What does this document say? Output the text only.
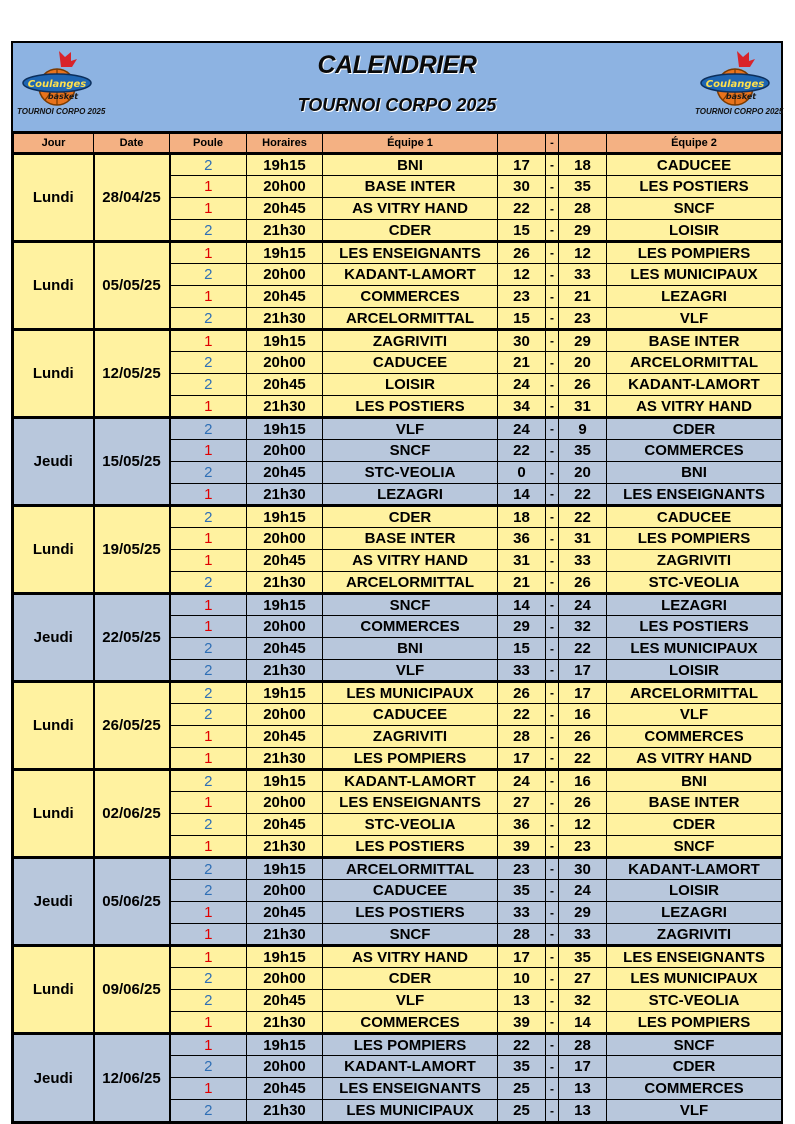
Coulanges
basket
TOURNOI CORPO 2025
CALENDRIER
TOURNOI CORPO 2025
Coulanges
basket
TOURNOI CORPO 2025
Jour	Date	Poule	Horaires	Équipe 1		-		Équipe 2
Lundi	28/04/25	2	19h15	BNI	17	-	18	CADUCEE
		1	20h00	BASE INTER	30	-	35	LES POSTIERS
		1	20h45	AS VITRY HAND	22	-	28	SNCF
		2	21h30	CDER	15	-	29	LOISIR
Lundi	05/05/25	1	19h15	LES ENSEIGNANTS	26	-	12	LES POMPIERS
		2	20h00	KADANT-LAMORT	12	-	33	LES MUNICIPAUX
		1	20h45	COMMERCES	23	-	21	LEZAGRI
		2	21h30	ARCELORMITTAL	15	-	23	VLF
Lundi	12/05/25	1	19h15	ZAGRIVITI	30	-	29	BASE INTER
		2	20h00	CADUCEE	21	-	20	ARCELORMITTAL
		2	20h45	LOISIR	24	-	26	KADANT-LAMORT
		1	21h30	LES POSTIERS	34	-	31	AS VITRY HAND
Jeudi	15/05/25	2	19h15	VLF	24	-	9	CDER
		1	20h00	SNCF	22	-	35	COMMERCES
		2	20h45	STC-VEOLIA	0	-	20	BNI
		1	21h30	LEZAGRI	14	-	22	LES ENSEIGNANTS
Lundi	19/05/25	2	19h15	CDER	18	-	22	CADUCEE
		1	20h00	BASE INTER	36	-	31	LES POMPIERS
		1	20h45	AS VITRY HAND	31	-	33	ZAGRIVITI
		2	21h30	ARCELORMITTAL	21	-	26	STC-VEOLIA
Jeudi	22/05/25	1	19h15	SNCF	14	-	24	LEZAGRI
		1	20h00	COMMERCES	29	-	32	LES POSTIERS
		2	20h45	BNI	15	-	22	LES MUNICIPAUX
		2	21h30	VLF	33	-	17	LOISIR
Lundi	26/05/25	2	19h15	LES MUNICIPAUX	26	-	17	ARCELORMITTAL
		2	20h00	CADUCEE	22	-	16	VLF
		1	20h45	ZAGRIVITI	28	-	26	COMMERCES
		1	21h30	LES POMPIERS	17	-	22	AS VITRY HAND
Lundi	02/06/25	2	19h15	KADANT-LAMORT	24	-	16	BNI
		1	20h00	LES ENSEIGNANTS	27	-	26	BASE INTER
		2	20h45	STC-VEOLIA	36	-	12	CDER
		1	21h30	LES POSTIERS	39	-	23	SNCF
Jeudi	05/06/25	2	19h15	ARCELORMITTAL	23	-	30	KADANT-LAMORT
		2	20h00	CADUCEE	35	-	24	LOISIR
		1	20h45	LES POSTIERS	33	-	29	LEZAGRI
		1	21h30	SNCF	28	-	33	ZAGRIVITI
Lundi	09/06/25	1	19h15	AS VITRY HAND	17	-	35	LES ENSEIGNANTS
		2	20h00	CDER	10	-	27	LES MUNICIPAUX
		2	20h45	VLF	13	-	32	STC-VEOLIA
		1	21h30	COMMERCES	39	-	14	LES POMPIERS
Jeudi	12/06/25	1	19h15	LES POMPIERS	22	-	28	SNCF
		2	20h00	KADANT-LAMORT	35	-	17	CDER
		1	20h45	LES ENSEIGNANTS	25	-	13	COMMERCES
		2	21h30	LES MUNICIPAUX	25	-	13	VLF
